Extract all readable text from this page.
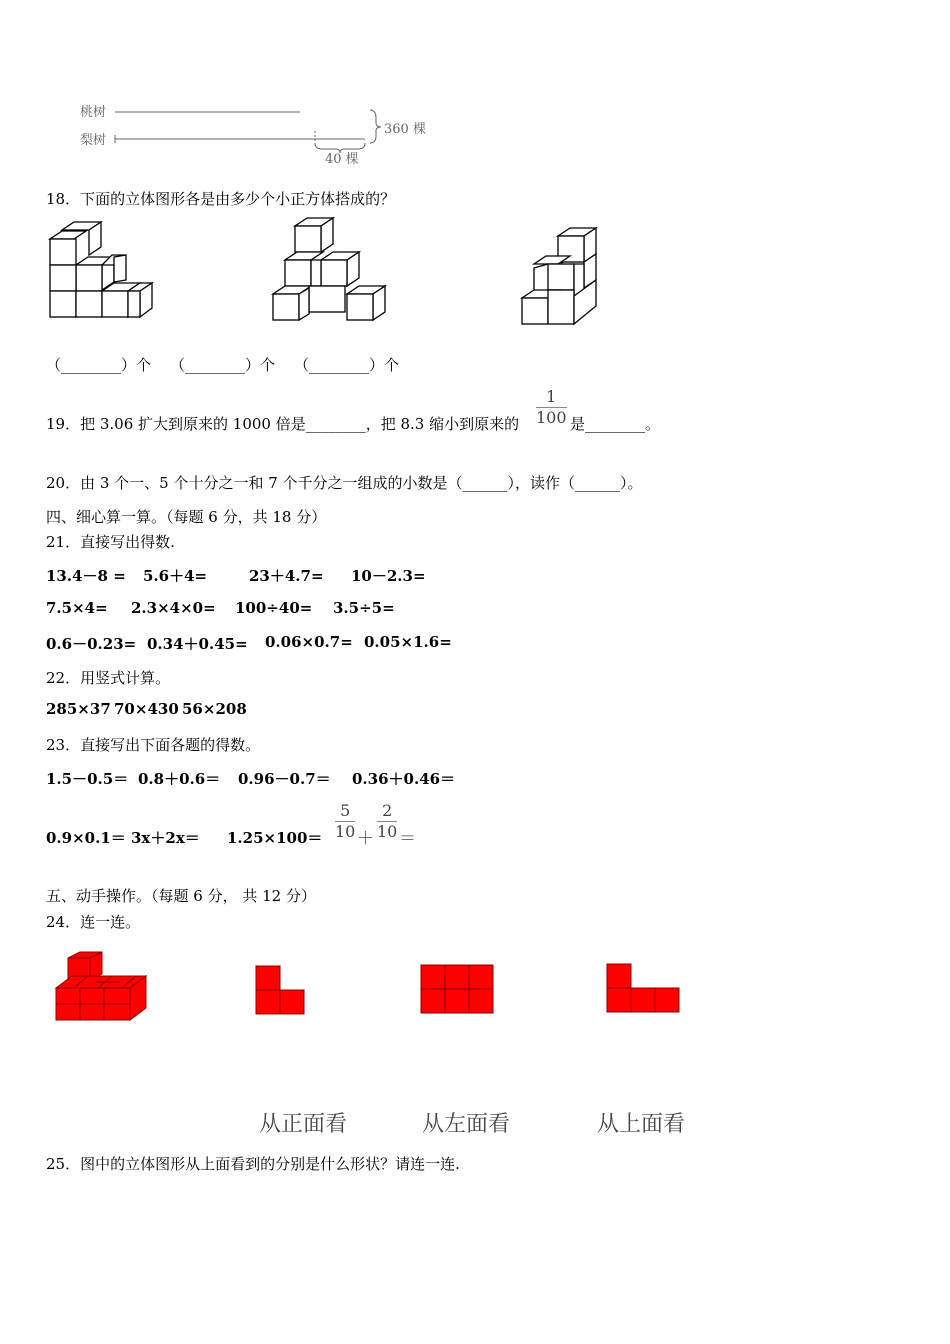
桃树
梨树
360 棵
40 棵
18．下面的立体图形各是由多少个小正方体搭成的？
（________）个 （________）个 （________）个
19．把 3.06 扩大到原来的 1000 倍是________，把 8.3 缩小到原来的
1
100 是________。
20．由 3 个一、5 个十分之一和 7 个千分之一组成的小数是（______），读作（______）。
四、细心算一算。（每题 6 分，共 18 分）
21．直接写出得数.
13.4－8 = 5.6＋4=	23＋4.7= 10－2.3=
7.5×4= 2.3×4×0= 100÷40= 3.5÷5=
0.6－0.23= 0.34＋0.45= 0.06×0.7= 0.05×1.6=
22．用竖式计算。
285×37 70×430 56×208
23．直接写出下面各题的得数。
1.5－0.5＝ 0.8＋0.6＝ 0.96－0.7＝ 0.36＋0.46＝
0.9×0.1＝ 3x＋2x＝ 1.25×100＝
5
10 ＋
2
10 ＝
五、动手操作。（每题 6 分， 共 12 分）
24．连一连。
从正面看	从左面看	从上面看
25．图中的立体图形从上面看到的分别是什么形状？请连一连.
